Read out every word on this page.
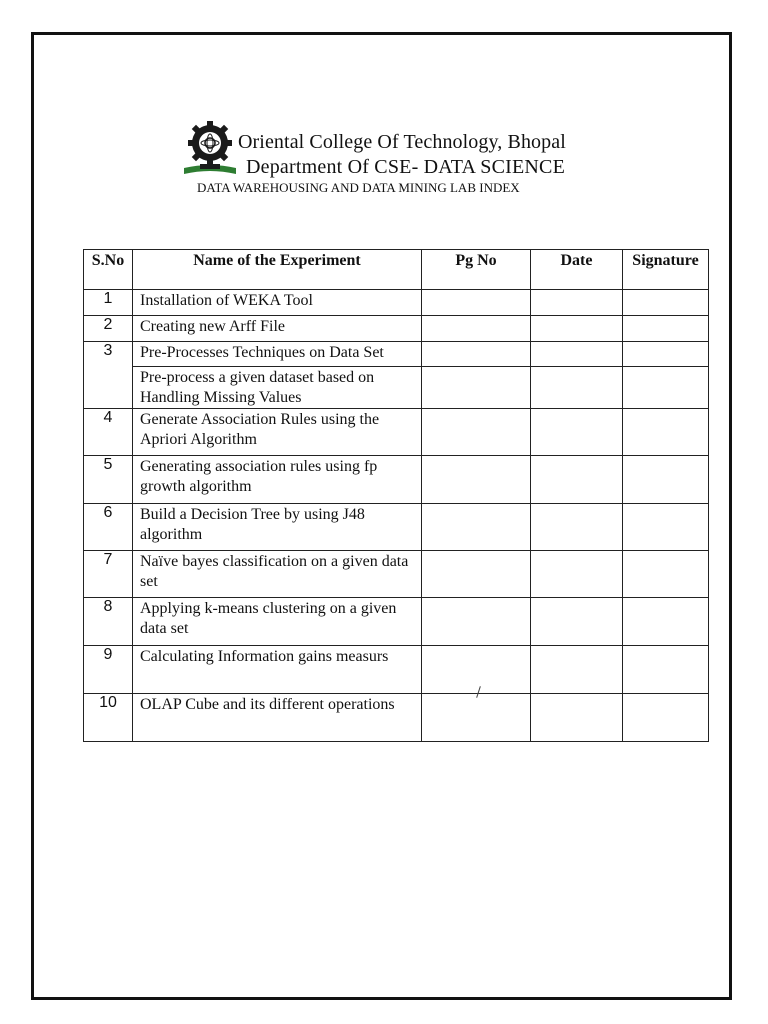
Oriental College Of Technology, Bhopal
Department Of CSE- DATA SCIENCE
DATA WAREHOUSING AND DATA MINING LAB INDEX
S.No	Name of the Experiment	Pg No	Date	Signature
1	Installation of WEKA Tool			

2	Creating new Arff File			

3	Pre-Processes Techniques on Data Set			

	Pre-process a given dataset based on Handling Missing Values			

4	Generate Association Rules using the Apriori Algorithm			

5	Generating association rules using fp growth algorithm			

6	Build a Decision Tree by using J48 algorithm			

7	Naïve bayes classification on a given data set			

8	Applying k-means clustering on a given data set			

9	Calculating Information gains measurs			

10	OLAP Cube and its different operations			
